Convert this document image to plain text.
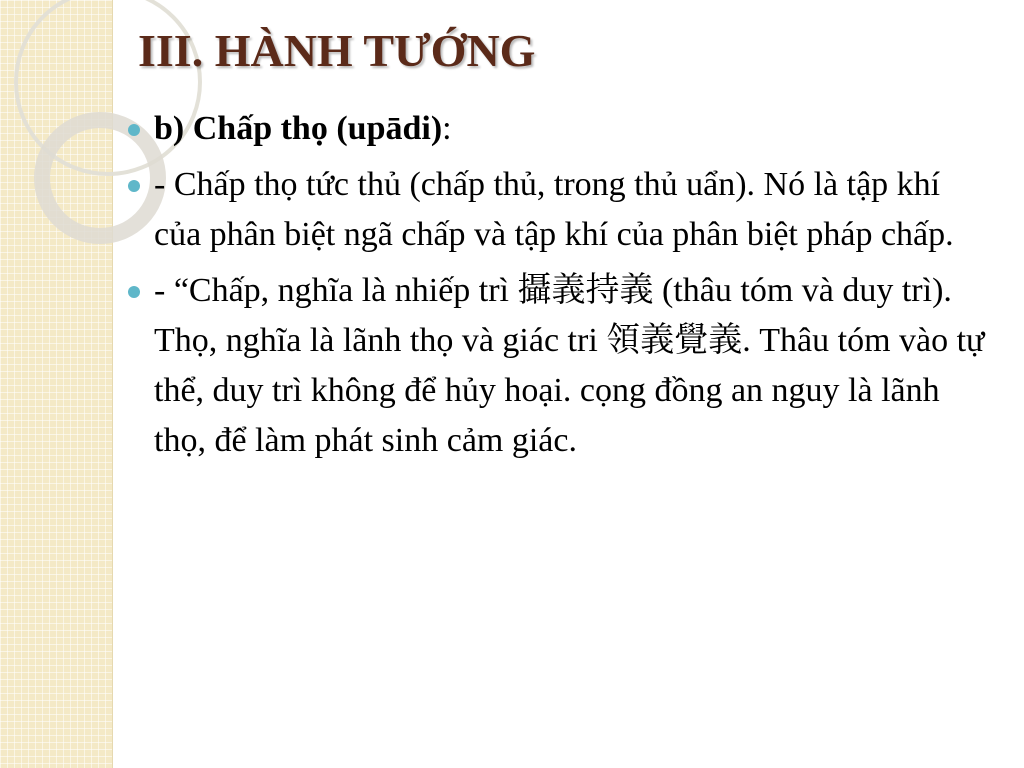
III. HÀNH TƯỚNG
b) Chấp thọ (upādi):
- Chấp thọ tức thủ (chấp thủ, trong thủ uẩn). Nó là tập khí của phân biệt ngã chấp và tập khí của phân biệt pháp chấp.
- “Chấp, nghĩa là nhiếp trì 攝義持義 (thâu tóm và duy trì). Thọ, nghĩa là lãnh thọ và giác tri 領義覺義. Thâu tóm vào tự thể, duy trì không để hủy hoại. cọng đồng an nguy là lãnh thọ, để làm phát sinh cảm giác.
